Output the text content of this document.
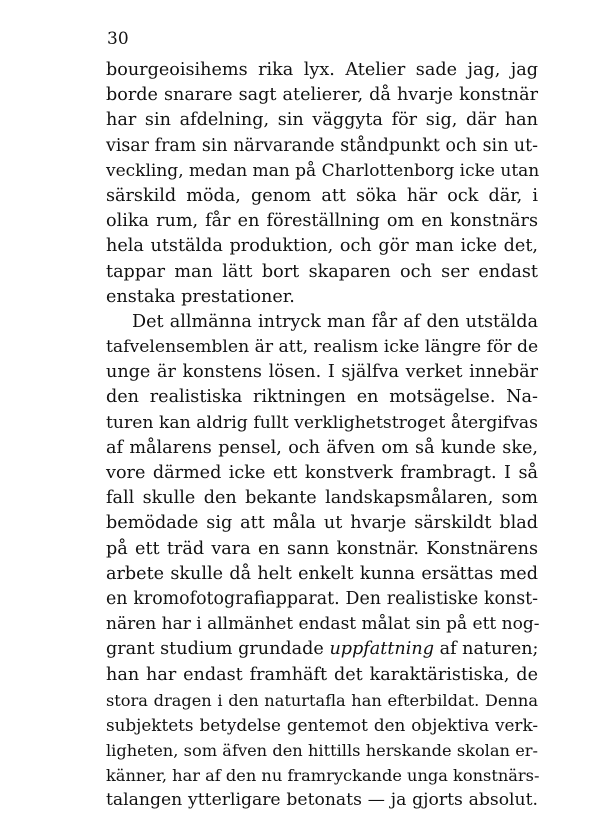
30
bourgeoisihems rika lyx. Atelier sade jag, jag
borde snarare sagt atelierer, då hvarje konstnär
har sin afdelning, sin väggyta för sig, där han
visar fram sin närvarande ståndpunkt och sin ut-
veckling, medan man på Charlottenborg icke utan
särskild möda, genom att söka här ock där, i
olika rum, får en föreställning om en konstnärs
hela utstälda produktion, och gör man icke det,
tappar man lätt bort skaparen och ser endast
enstaka prestationer.
Det allmänna intryck man får af den utstälda
tafvelensemblen är att, realism icke längre för de
unge är konstens lösen. I själfva verket innebär
den realistiska riktningen en motsägelse. Na-
turen kan aldrig fullt verklighetstroget återgifvas
af målarens pensel, och äfven om så kunde ske,
vore därmed icke ett konstverk frambragt. I så
fall skulle den bekante landskapsmålaren, som
bemödade sig att måla ut hvarje särskildt blad
på ett träd vara en sann konstnär. Konstnärens
arbete skulle då helt enkelt kunna ersättas med
en kromofotografiapparat. Den realistiske konst-
nären har i allmänhet endast målat sin på ett nog-
grant studium grundade uppfattning af naturen;
han har endast framhäft det karaktäristiska, de
stora dragen i den naturtafla han efterbildat. Denna
subjektets betydelse gentemot den objektiva verk-
ligheten, som äfven den hittills herskande skolan er-
känner, har af den nu framryckande unga konstnärs-
talangen ytterligare betonats — ja gjorts absolut.
